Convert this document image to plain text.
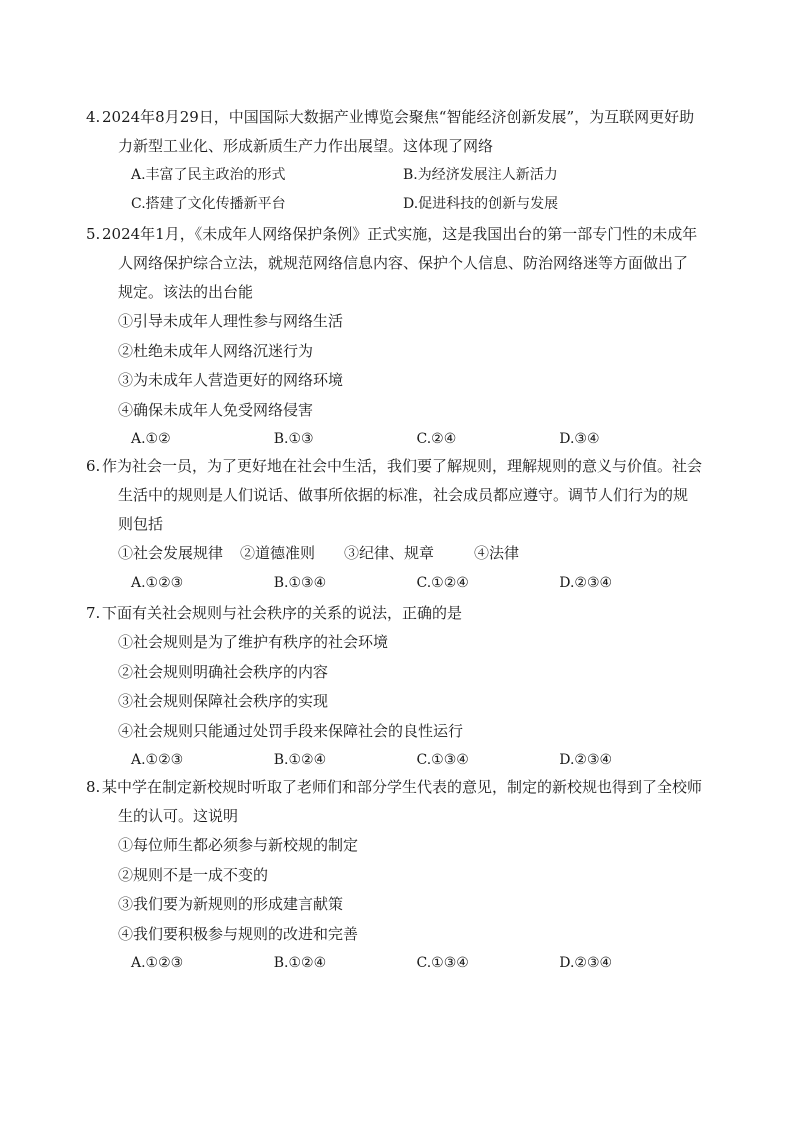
4. 2024年8月29日，中国国际大数据产业博览会聚焦“智能经济创新发展”，为互联网更好助力新型工业化、形成新质生产力作出展望。这体现了网络

A.丰富了民主政治的形式	B.为经济发展注人新活力
C.搭建了文化传播新平台	D.促进科技的创新与发展

5. 2024年1月，《未成年人网络保护条例》正式实施，这是我国出台的第一部专门性的未成年人网络保护综合立法，就规范网络信息内容、保护个人信息、防治网络迷等方面做出了规定。该法的出台能

①引导未成年人理性参与网络生活

②杜绝未成年人网络沉迷行为

③为未成年人营造更好的网络环境

④确保未成年人免受网络侵害

A.①②	B.①③	C.②④	D.③④

6. 作为社会一员，为了更好地在社会中生活，我们要了解规则，理解规则的意义与价值。社会生活中的规则是人们说话、做事所依据的标准，社会成员都应遵守。调节人们行为的规则包括

①社会发展规律 ②道德准则 ③纪律、规章	④法律

A.①②③	B.①③④	C.①②④	D.②③④

7. 下面有关社会规则与社会秩序的关系的说法，正确的是

①社会规则是为了维护有秩序的社会环境

②社会规则明确社会秩序的内容

③社会规则保障社会秩序的实现

④社会规则只能通过处罚手段来保障社会的良性运行

A.①②③	B.①②④	C.①③④	D.②③④

8. 某中学在制定新校规时听取了老师们和部分学生代表的意见，制定的新校规也得到了全校师生的认可。这说明

①每位师生都必须参与新校规的制定

②规则不是一成不变的

③我们要为新规则的形成建言献策

④我们要积极参与规则的改进和完善

A.①②③	B.①②④	C.①③④	D.②③④
